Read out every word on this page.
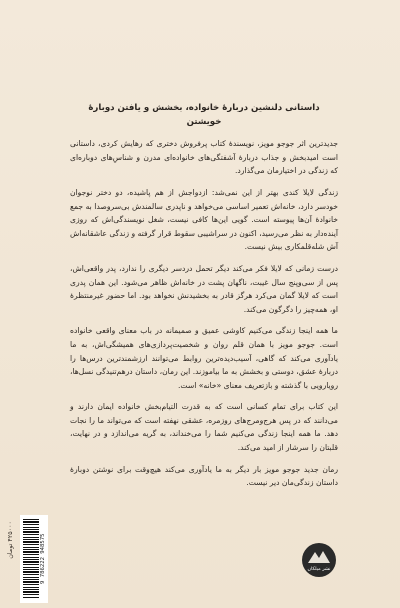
داستانی دلنشین دربارهٔ خانواده، بخشش و یافتن دوبارهٔ خویشتن

جدیدترین اثر جوجو مویز، نویسندهٔ کتاب پرفروش دختری که رهایش کردی، داستانی است امیدبخش و جذاب دربارهٔ آشفتگی‌های خانواده‌ای مدرن و شناسِ‌های دوباره‌ای که زندگی در اختیارمان می‌گذارد.

زندگی لایلا کندی بهتر از این نمی‌شد: ازدواجش از هم پاشیده، دو دختر نوجوان خودسر دارد، خانه‌اش تعمیر اساسی می‌خواهد و ناپدری سالمندش بی‌سروصدا به جمع خانوادهٔ آن‌ها پیوسته است. گویی این‌ها کافی نیست، شغل نویسندگی‌اش که روزی آینده‌دار به نظر می‌رسید، اکنون در سراشیبی سقوط قرار گرفته و زندگی عاشقانه‌اش آش شله‌قلمکاری بیش نیست.

درست زمانی که لایلا فکر می‌کند دیگر تحمل دردسر دیگری را ندارد، پدر واقعی‌اش، پس از سی‌وپنج سال غیبت، ناگهان پشت در خانه‌اش ظاهر می‌شود. این همان پدری است که لایلا گمان می‌کرد هرگز قادر به بخشیدنش نخواهد بود. اما حضور غیرمنتظرهٔ او، همه‌چیز را دگرگون می‌کند.

ما همه اینجا زندگی می‌کنیم کاوشی عمیق و صمیمانه در باب معنای واقعی خانواده است. جوجو مویز با همان قلم روان و شخصیت‌پردازی‌های همیشگی‌اش، به ما یادآوری می‌کند که گاهی، آسیب‌دیده‌ترین روابط می‌توانند ارزشمندترین درس‌ها را دربارهٔ عشق، دوستی و بخشش به ما بیاموزند. این رمان، داستان درهم‌تنیدگی نسل‌ها، رویارویی با گذشته و بازتعریف معنای «خانه» است.

این کتاب برای تمام کسانی است که به قدرت التیام‌بخش خانواده ایمان دارند و می‌دانند که در پس هرج‌ومرج‌های روزمره، عشقی نهفته است که می‌تواند ما را نجات دهد. ما همه اینجا زندگی می‌کنیم شما را می‌خنداند، به گریه می‌اندازد و در نهایت، قلبتان را سرشار از امید می‌کند.

رمان جدید جوجو مویز بار دیگر به ما یادآوری می‌کند هیچ‌وقت برای نوشتن دوبارهٔ داستان زندگی‌مان دیر نیست.

۴۲۵۰۰۰ تومان
9 786222 948575	نشر میلکان
